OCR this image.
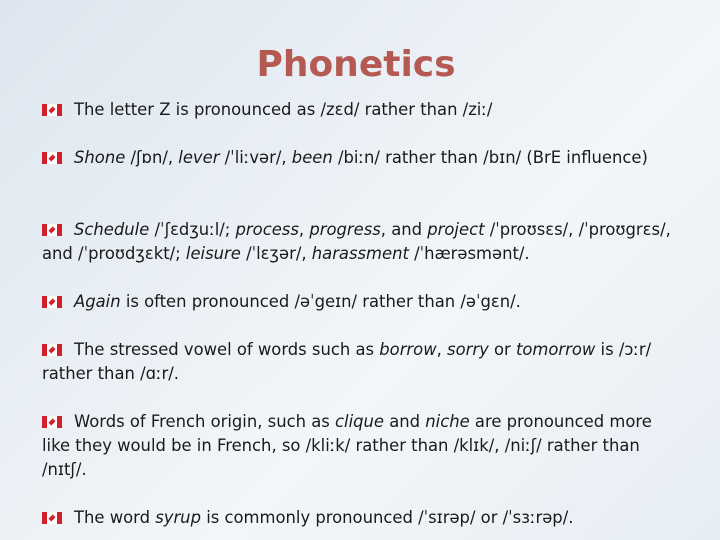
Phonetics
The letter Z is pronounced as /zɛd/ rather than /ziː/
Shone /ʃɒn/, lever /ˈliːvər/, been /biːn/ rather than /bɪn/ (BrE influence)
Schedule /ˈʃɛdʒuːl/; process, progress, and project /ˈproʊsɛs/, /ˈproʊgrɛs/, and /ˈproʊdʒɛkt/; leisure /ˈlɛʒər/, harassment /ˈhærəsmənt/.
Again is often pronounced /əˈgeɪn/ rather than /əˈgɛn/.
The stressed vowel of words such as borrow, sorry or tomorrow is /ɔːr/ rather than /ɑːr/.
Words of French origin, such as clique and niche are pronounced more like they would be in French, so /kliːk/ rather than /klɪk/, /niːʃ/ rather than /nɪtʃ/.
The word syrup is commonly pronounced /ˈsɪrəp/ or /ˈsɜːrəp/.
